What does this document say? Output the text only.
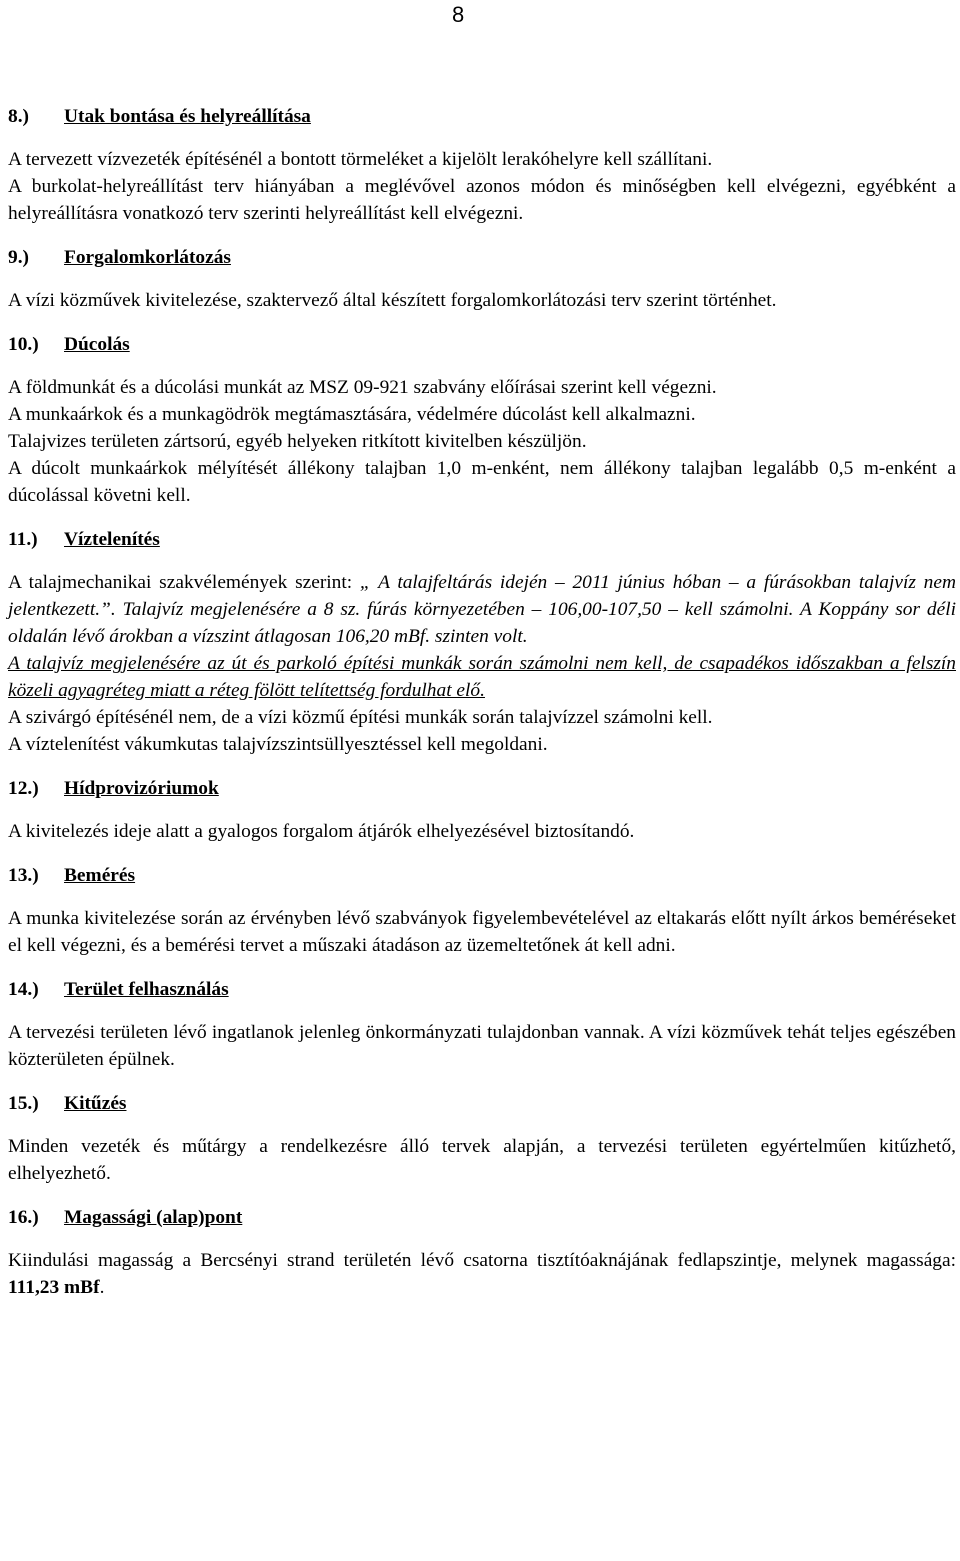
8
8.) Utak bontása és helyreállítása

A tervezett vízvezeték építésénél a bontott törmeléket a kijelölt lerakóhelyre kell szállítani.

A burkolat-helyreállítást terv hiányában a meglévővel azonos módon és minőségben kell elvégezni, egyébként a helyreállításra vonatkozó terv szerinti helyreállítást kell elvégezni.

9.) Forgalomkorlátozás

A vízi közművek kivitelezése, szaktervező által készített forgalomkorlátozási terv szerint történhet.

10.) Dúcolás

A földmunkát és a dúcolási munkát az MSZ 09-921 szabvány előírásai szerint kell végezni.

A munkaárkok és a munkagödrök megtámasztására, védelmére dúcolást kell alkalmazni.

Talajvizes területen zártsorú, egyéb helyeken ritkított kivitelben készüljön.

A dúcolt munkaárkok mélyítését állékony talajban 1,0 m-enként, nem állékony talajban legalább 0,5 m-enként a dúcolással követni kell.

11.) Víztelenítés

A talajmechanikai szakvélemények szerint: „ A talajfeltárás idején – 2011 június hóban – a fúrásokban talajvíz nem jelentkezett.”. Talajvíz megjelenésére a 8 sz. fúrás környezetében – 106,00-107,50 – kell számolni. A Koppány sor déli oldalán lévő árokban a vízszint átlagosan 106,20 mBf. szinten volt.

A talajvíz megjelenésére az út és parkoló építési munkák során számolni nem kell, de csapadékos időszakban a felszín közeli agyagréteg miatt a réteg fölött telítettség fordulhat elő.

A szivárgó építésénél nem, de a vízi közmű építési munkák során talajvízzel számolni kell.

A víztelenítést vákumkutas talajvízszintsüllyesztéssel kell megoldani.

12.) Hídprovizóriumok

A kivitelezés ideje alatt a gyalogos forgalom átjárók elhelyezésével biztosítandó.

13.) Bemérés

A munka kivitelezése során az érvényben lévő szabványok figyelembevételével az eltakarás előtt nyílt árkos beméréseket el kell végezni, és a bemérési tervet a műszaki átadáson az üzemeltetőnek át kell adni.

14.) Terület felhasználás

A tervezési területen lévő ingatlanok jelenleg önkormányzati tulajdonban vannak. A vízi közművek tehát teljes egészében közterületen épülnek.

15.) Kitűzés

Minden vezeték és műtárgy a rendelkezésre álló tervek alapján, a tervezési területen egyértelműen kitűzhető, elhelyezhető.

16.) Magassági (alap)pont

Kiindulási magasság a Bercsényi strand területén lévő csatorna tisztítóaknájának fedlapszintje, melynek magassága: 111,23 mBf.
